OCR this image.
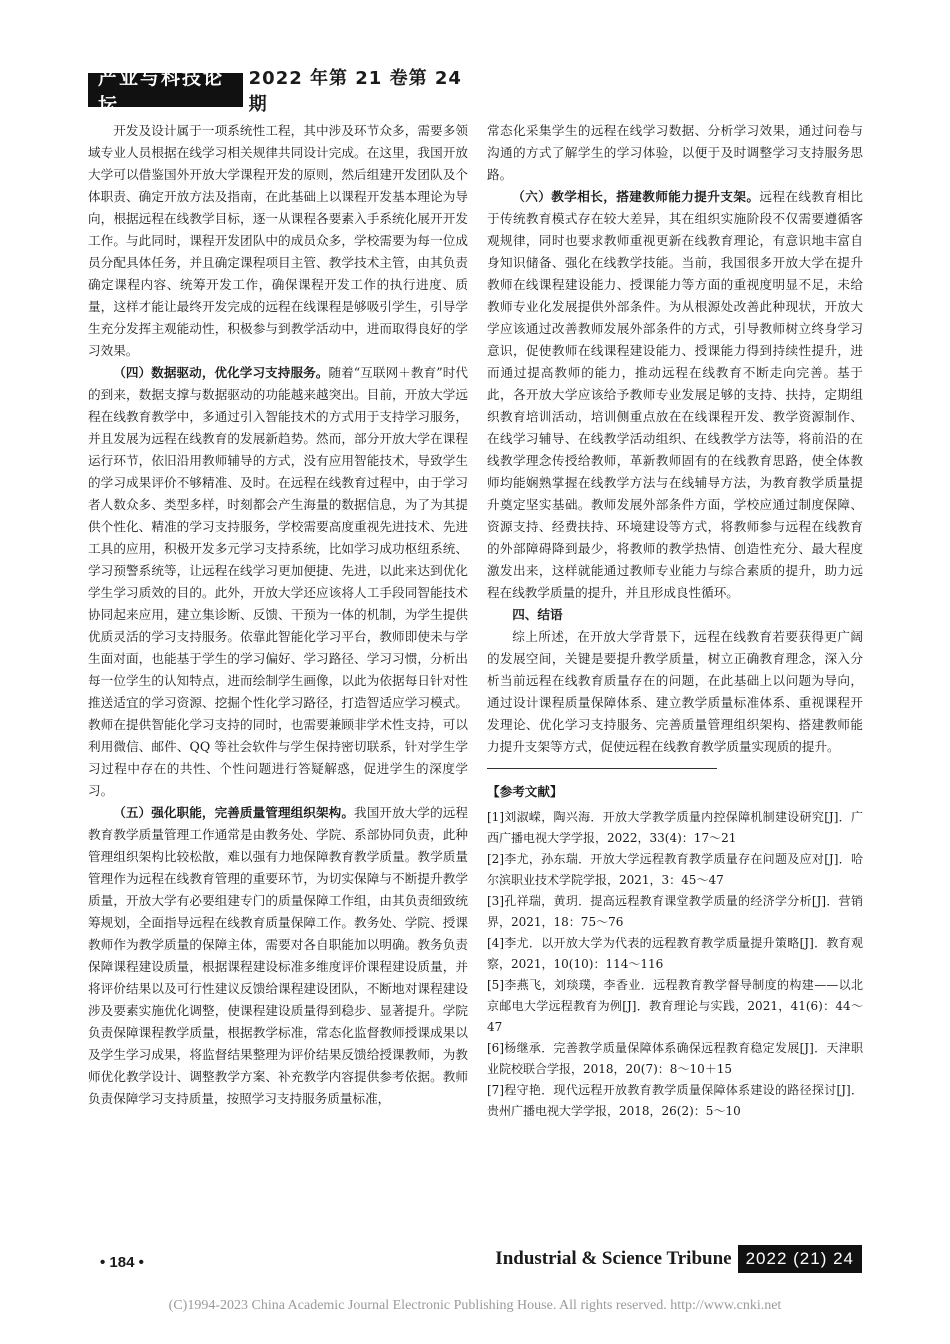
产业与科技论坛
2022 年第 21 卷第 24 期

开发及设计属于一项系统性工程，其中涉及环节众多，需要多领域专业人员根据在线学习相关规律共同设计完成。在这里，我国开放大学可以借鉴国外开放大学课程开发的原则，然后组建开发团队及个体职责、确定开放方法及指南，在此基础上以课程开发基本理论为导向，根据远程在线教学目标，逐一从课程各要素入手系统化展开开发工作。与此同时，课程开发团队中的成员众多，学校需要为每一位成员分配具体任务，并且确定课程项目主管、教学技术主管，由其负责确定课程内容、统筹开发工作，确保课程开发工作的执行进度、质量，这样才能让最终开发完成的远程在线课程是够吸引学生，引导学生充分发挥主观能动性，积极参与到教学活动中，进而取得良好的学习效果。

（四）数据驱动，优化学习支持服务。随着“互联网＋教育”时代的到来，数据支撑与数据驱动的功能越来越突出。目前，开放大学远程在线教育教学中，多通过引入智能技术的方式用于支持学习服务，并且发展为远程在线教育的发展新趋势。然而，部分开放大学在课程运行环节，依旧沿用教师辅导的方式，没有应用智能技术，导致学生的学习成果评价不够精准、及时。在远程在线教育过程中，由于学习者人数众多、类型多样，时刻都会产生海量的数据信息，为了为其提供个性化、精准的学习支持服务，学校需要高度重视先进技术、先进工具的应用，积极开发多元学习支持系统，比如学习成功枢纽系统、学习预警系统等，让远程在线学习更加便捷、先进，以此来达到优化学生学习质效的目的。此外，开放大学还应该将人工手段同智能技术协同起来应用，建立集诊断、反馈、干预为一体的机制，为学生提供优质灵活的学习支持服务。依靠此智能化学习平台，教师即使未与学生面对面，也能基于学生的学习偏好、学习路径、学习习惯，分析出每一位学生的认知特点，进而绘制学生画像，以此为依据每日针对性推送适宜的学习资源、挖掘个性化学习路径，打造智适应学习模式。教师在提供智能化学习支持的同时，也需要兼顾非学术性支持，可以利用微信、邮件、QQ 等社会软件与学生保持密切联系，针对学生学习过程中存在的共性、个性问题进行答疑解惑，促进学生的深度学习。

（五）强化职能，完善质量管理组织架构。我国开放大学的远程教育教学质量管理工作通常是由教务处、学院、系部协同负责，此种管理组织架构比较松散，难以强有力地保障教育教学质量。教学质量管理作为远程在线教育管理的重要环节，为切实保障与不断提升教学质量，开放大学有必要组建专门的质量保障工作组，由其负责细致统筹规划，全面指导远程在线教育质量保障工作。教务处、学院、授课教师作为教学质量的保障主体，需要对各自职能加以明确。教务负责保障课程建设质量，根据课程建设标准多维度评价课程建设质量，并将评价结果以及可行性建议反馈给课程建设团队，不断地对课程建设涉及要素实施优化调整，使课程建设质量得到稳步、显著提升。学院负责保障课程教学质量，根据教学标准，常态化监督教师授课成果以及学生学习成果，将监督结果整理为评价结果反馈给授课教师，为教师优化教学设计、调整教学方案、补充教学内容提供参考依据。教师负责保障学习支持质量，按照学习支持服务质量标准，

常态化采集学生的远程在线学习数据、分析学习效果，通过问卷与沟通的方式了解学生的学习体验，以便于及时调整学习支持服务思路。

（六）教学相长，搭建教师能力提升支架。远程在线教育相比于传统教育模式存在较大差异，其在组织实施阶段不仅需要遵循客观规律，同时也要求教师重视更新在线教育理论，有意识地丰富自身知识储备、强化在线教学技能。当前，我国很多开放大学在提升教师在线课程建设能力、授课能力等方面的重视度明显不足，未给教师专业化发展提供外部条件。为从根源处改善此种现状，开放大学应该通过改善教师发展外部条件的方式，引导教师树立终身学习意识，促使教师在线课程建设能力、授课能力得到持续性提升，进而通过提高教师的能力，推动远程在线教育不断走向完善。基于此，各开放大学应该给予教师专业发展足够的支持、扶持，定期组织教育培训活动，培训侧重点放在在线课程开发、教学资源制作、在线学习辅导、在线教学活动组织、在线教学方法等，将前沿的在线教学理念传授给教师，革新教师固有的在线教育思路，使全体教师均能娴熟掌握在线教学方法与在线辅导方法，为教育教学质量提升奠定坚实基础。教师发展外部条件方面，学校应通过制度保障、资源支持、经费扶持、环境建设等方式，将教师参与远程在线教育的外部障碍降到最少，将教师的教学热情、创造性充分、最大程度激发出来，这样就能通过教师专业能力与综合素质的提升，助力远程在线教学质量的提升，并且形成良性循环。

四、结语

综上所述，在开放大学背景下，远程在线教育若要获得更广阔的发展空间，关键是要提升教学质量，树立正确教育理念，深入分析当前远程在线教育质量存在的问题，在此基础上以问题为导向，通过设计课程质量保障体系、建立教学质量标准体系、重视课程开发理论、优化学习支持服务、完善质量管理组织架构、搭建教师能力提升支架等方式，促使远程在线教育教学质量实现质的提升。

【参考文献】

[1]刘淑嵘，陶兴海．开放大学教学质量内控保障机制建设研究[J]．广西广播电视大学学报，2022，33(4)：17～21

[2]李尤，孙东瑞．开放大学远程教育教学质量存在问题及应对[J]．哈尔滨职业技术学院学报，2021，3：45～47

[3]孔祥瑞，黄玥．提高远程教育课堂教学质量的经济学分析[J]．营销界，2021，18：75～76

[4]李尤．以开放大学为代表的远程教育教学质量提升策略[J]．教育观察，2021，10(10)：114～116

[5]李燕飞，刘琰璞，李香业．远程教育教学督导制度的构建——以北京邮电大学远程教育为例[J]．教育理论与实践，2021，41(6)：44～47

[6]杨继承．完善教学质量保障体系确保远程教育稳定发展[J]．天津职业院校联合学报，2018，20(7)：8～10＋15

[7]程守艳．现代远程开放教育教学质量保障体系建设的路径探讨[J]．贵州广播电视大学学报，2018，26(2)：5～10

• 184 •	Industrial & Science Tribune 2022 (21) 24
(C)1994-2023 China Academic Journal Electronic Publishing House. All rights reserved. http://www.cnki.net
